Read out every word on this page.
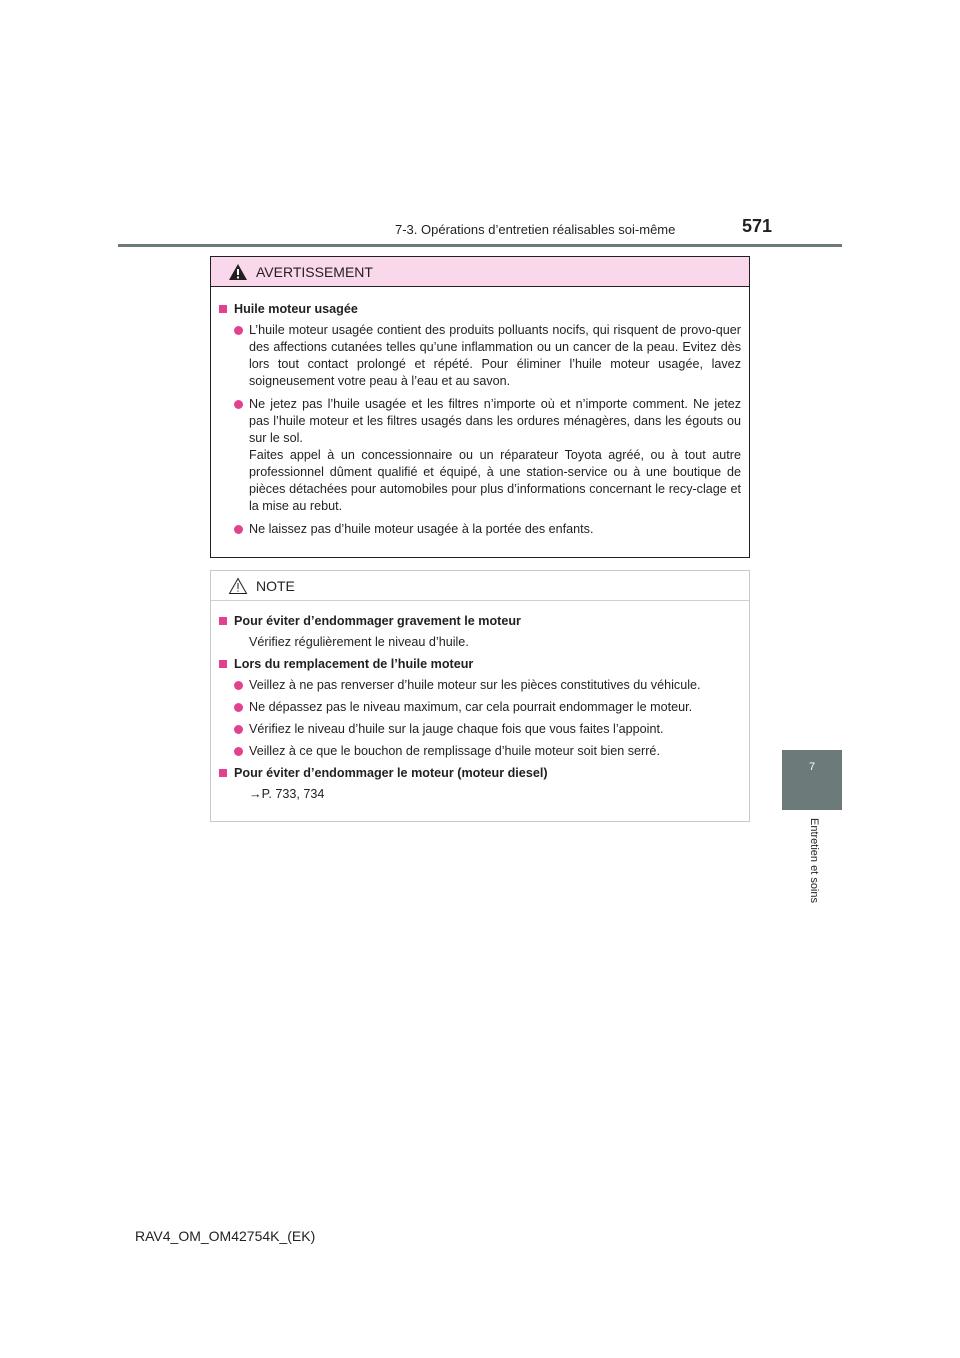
7-3. Opérations d’entretien réalisables soi-même	571
7
Entretien et soins
AVERTISSEMENT
Huile moteur usagée
L’huile moteur usagée contient des produits polluants nocifs, qui risquent de provo-quer des affections cutanées telles qu’une inflammation ou un cancer de la peau. Evitez dès lors tout contact prolongé et répété. Pour éliminer l’huile moteur usagée, lavez soigneusement votre peau à l’eau et au savon.
Ne jetez pas l’huile usagée et les filtres n’importe où et n’importe comment. Ne jetez pas l’huile moteur et les filtres usagés dans les ordures ménagères, dans les égouts ou sur le sol.
Faites appel à un concessionnaire ou un réparateur Toyota agréé, ou à tout autre professionnel dûment qualifié et équipé, à une station-service ou à une boutique de pièces détachées pour automobiles pour plus d’informations concernant le recy-clage et la mise au rebut.
Ne laissez pas d’huile moteur usagée à la portée des enfants.
NOTE
Pour éviter d’endommager gravement le moteur
Vérifiez régulièrement le niveau d’huile.
Lors du remplacement de l’huile moteur
Veillez à ne pas renverser d’huile moteur sur les pièces constitutives du véhicule.
Ne dépassez pas le niveau maximum, car cela pourrait endommager le moteur.
Vérifiez le niveau d’huile sur la jauge chaque fois que vous faites l’appoint.
Veillez à ce que le bouchon de remplissage d’huile moteur soit bien serré.
Pour éviter d’endommager le moteur (moteur diesel)
→P. 733, 734
RAV4_OM_OM42754K_(EK)
